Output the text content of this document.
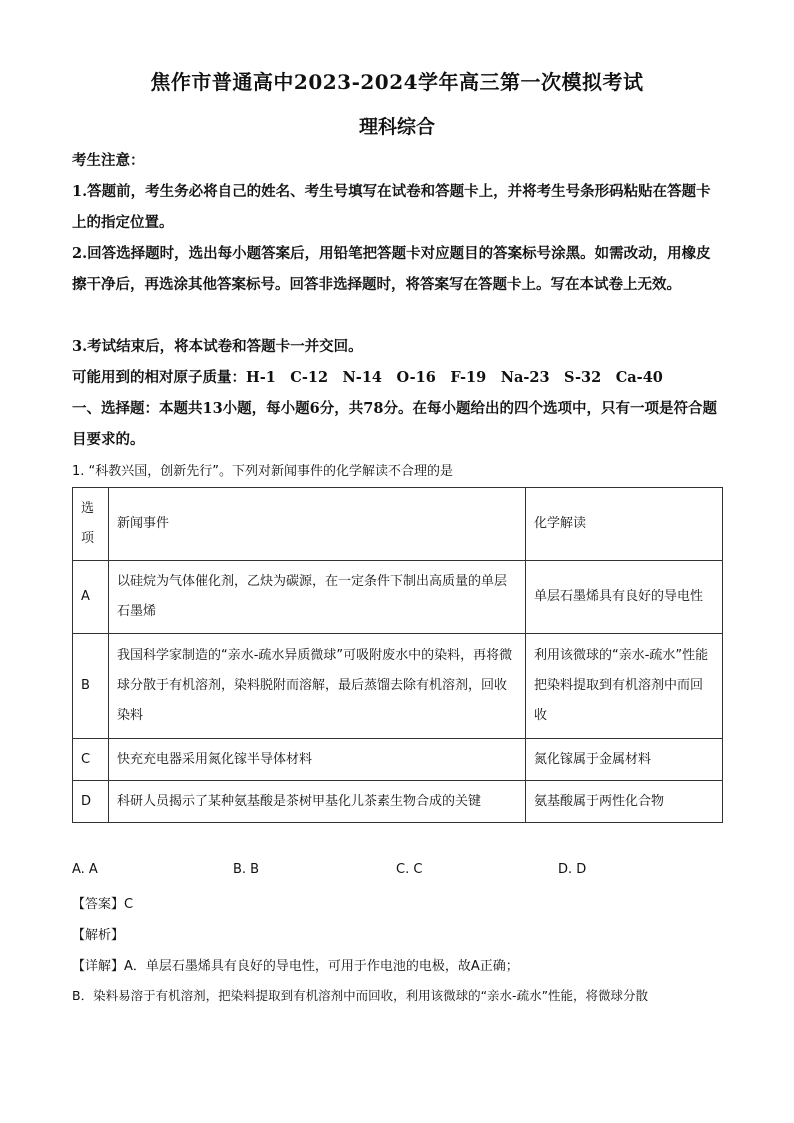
焦作市普通高中2023-2024学年高三第一次模拟考试
理科综合
考生注意：
1.答题前，考生务必将自己的姓名、考生号填写在试卷和答题卡上，并将考生号条形码粘贴在答题卡上的指定位置。
2.回答选择题时，选出每小题答案后，用铅笔把答题卡对应题目的答案标号涂黑。如需改动，用橡皮擦干净后，再选涂其他答案标号。回答非选择题时，将答案写在答题卡上。写在本试卷上无效。
3.考试结束后，将本试卷和答题卡一并交回。
可能用到的相对原子质量：H-1　C-12　N-14　O-16　F-19　Na-23　S-32　Ca-40
一、选择题：本题共13小题，每小题6分，共78分。在每小题给出的四个选项中，只有一项是符合题目要求的。
1. “科教兴国，创新先行”。下列对新闻事件的化学解读不合理的是
选项	新闻事件	化学解读
A	以硅烷为气体催化剂，乙炔为碳源，在一定条件下制出高质量的单层石墨烯	单层石墨烯具有良好的导电性
B	我国科学家制造的“亲水-疏水异质微球”可吸附废水中的染料，再将微球分散于有机溶剂，染料脱附而溶解，最后蒸馏去除有机溶剂，回收染料	利用该微球的“亲水-疏水”性能把染料提取到有机溶剂中而回收
C	快充充电器采用氮化镓半导体材料	氮化镓属于金属材料
D	科研人员揭示了某种氨基酸是茶树甲基化儿茶素生物合成的关键	氨基酸属于两性化合物
A. A	B. B	C. C	D. D
【答案】C
【解析】
【详解】A．单层石墨烯具有良好的导电性，可用于作电池的电极，故A正确；
B．染料易溶于有机溶剂，把染料提取到有机溶剂中而回收，利用该微球的“亲水-疏水”性能，将微球分散
